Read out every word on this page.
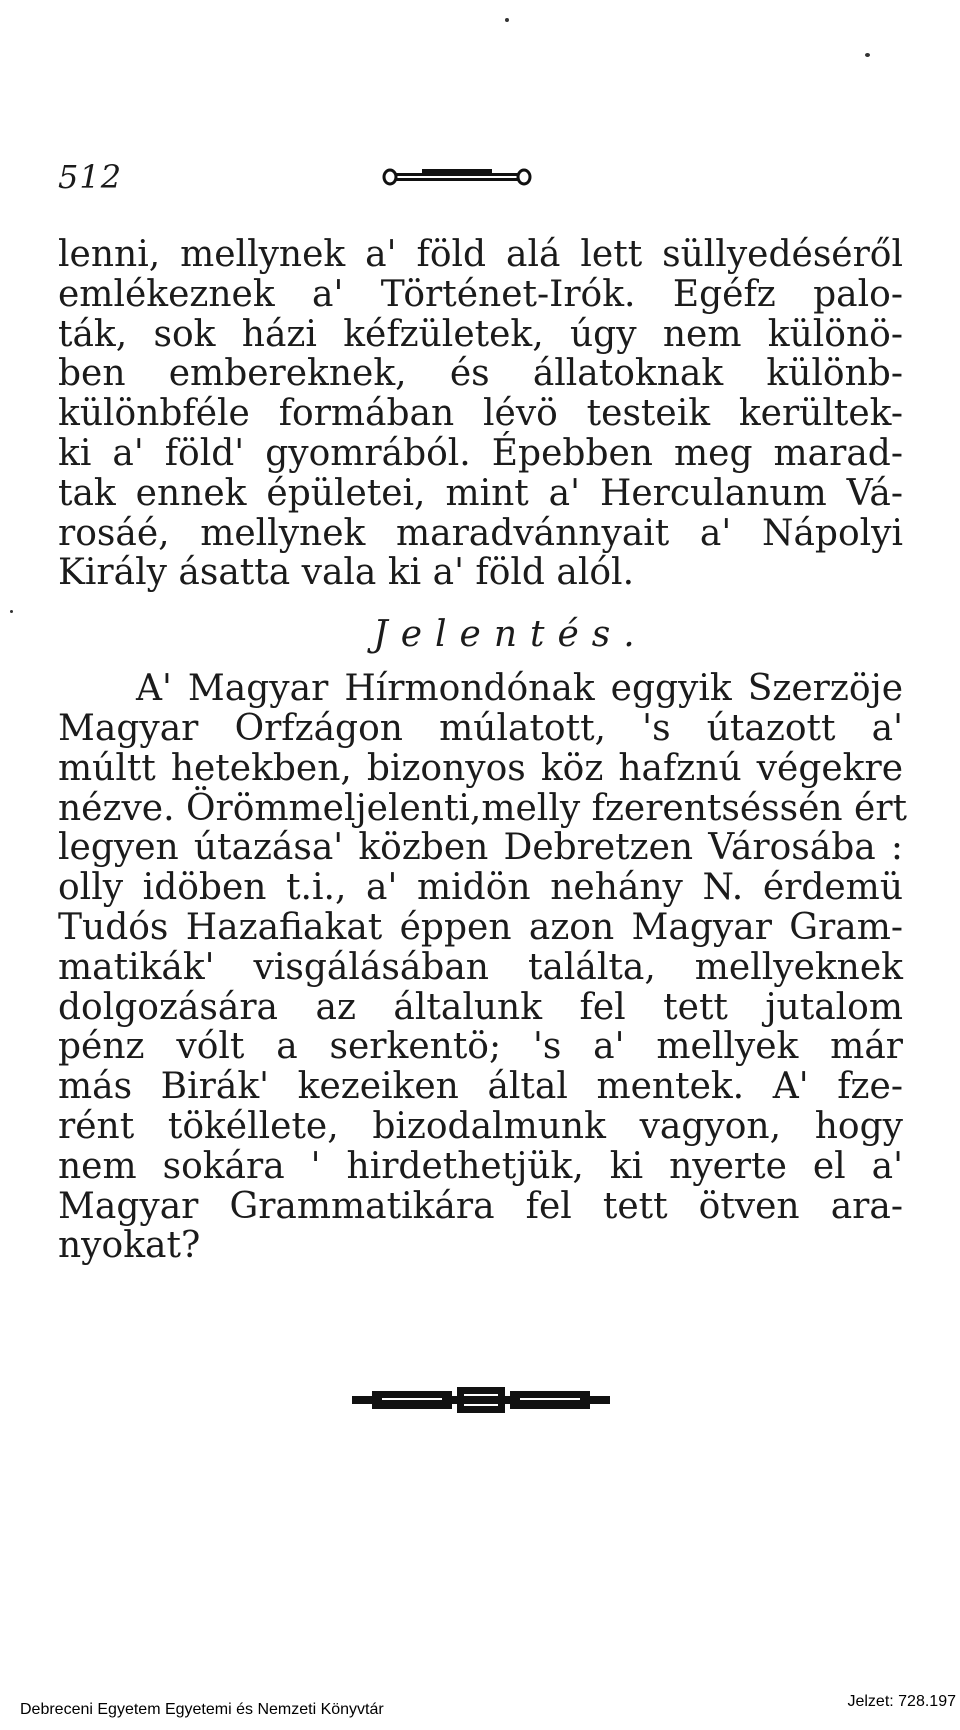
512
lenni, mellynek a' föld alá lett süllyedéséről
emlékeznek a' Történet-Irók. Egéfz palo-
ták, sok házi kéfzületek, úgy nem különö-
ben embereknek, és állatoknak különb-
különbféle formában lévö testeik kerültek-
ki a' föld' gyomrából. Épebben meg marad-
tak ennek épületei, mint a' Herculanum Vá-
rosáé, mellynek maradvánnyait a' Nápolyi
Király ásatta vala ki a' föld alól.
Jelentés.
A' Magyar Hírmondónak eggyik Szerzöje
Magyar Orfzágon múlatott, 's útazott a'
múltt hetekben, bizonyos köz hafznú végekre
nézve. Örömmeljelenti,melly fzerentséssén ért
legyen útazása' közben Debretzen Városába :
olly idöben t.i., a' midön nehány N. érdemü
Tudós Hazafiakat éppen azon Magyar Gram-
matikák' visgálásában találta, mellyeknek
dolgozására az általunk fel tett jutalom
pénz vólt a serkentö; 's a' mellyek már
más Birák' kezeiken által mentek. A' fze-
rént tökéllete, bizodalmunk vagyon, hogy
nem sokára ' hirdethetjük, ki nyerte el a'
Magyar Grammatikára fel tett ötven ara-
nyokat?
Debreceni Egyetem Egyetemi és Nemzeti Könyvtár	Jelzet: 728.197
